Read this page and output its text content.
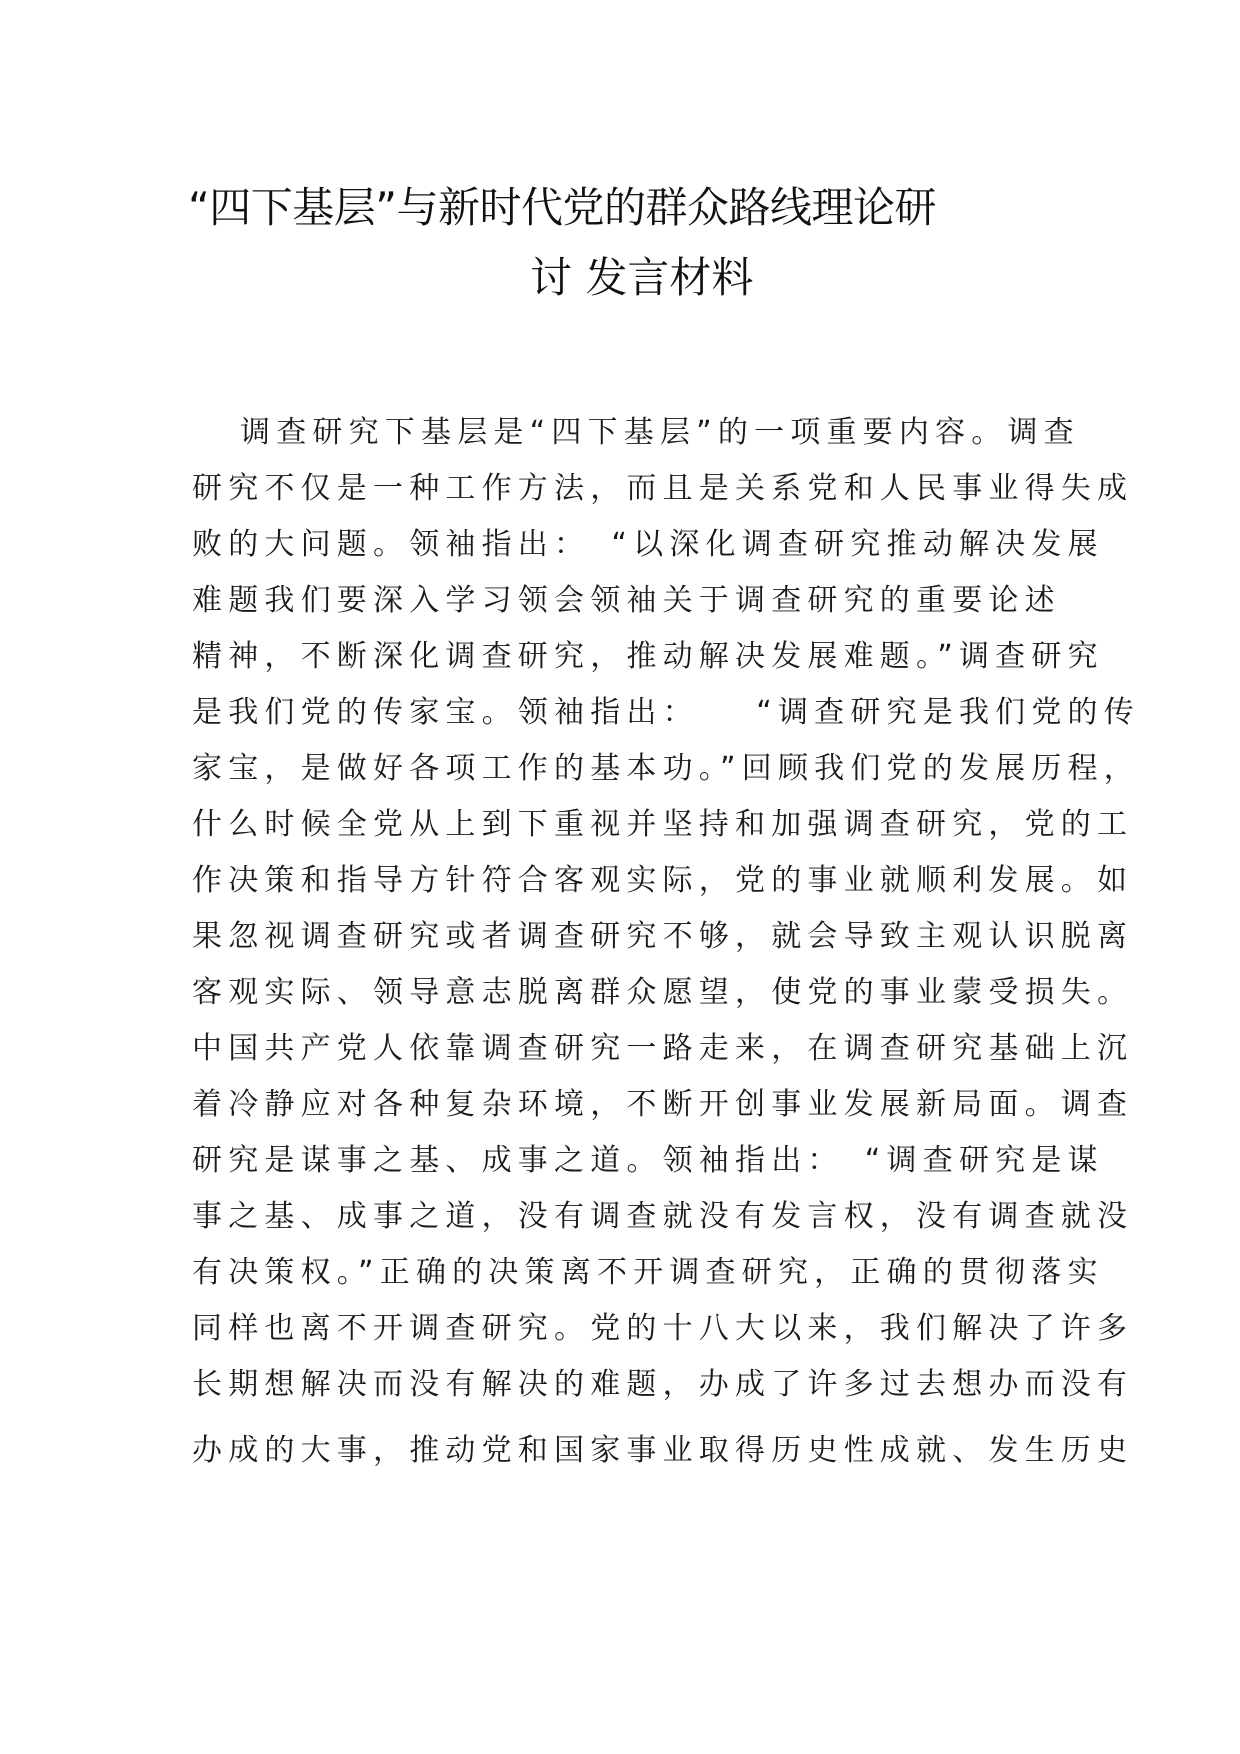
“四下基层”与新时代党的群众路线理论研
讨 发言材料
调查研究下基层是“四下基层”的一项重要内容。调查
研究不仅是一种工作方法，而且是关系党和人民事业得失成
败的大问题。领袖指出：　“以深化调查研究推动解决发展
难题我们要深入学习领会领袖关于调查研究的重要论述
精神，不断深化调查研究，推动解决发展难题。”调查研究
是我们党的传家宝。领袖指出：　　“调查研究是我们党的传
家宝，是做好各项工作的基本功。”回顾我们党的发展历程，
什么时候全党从上到下重视并坚持和加强调查研究，党的工
作决策和指导方针符合客观实际，党的事业就顺利发展。如
果忽视调查研究或者调查研究不够，就会导致主观认识脱离
客观实际、领导意志脱离群众愿望，使党的事业蒙受损失。
中国共产党人依靠调查研究一路走来，在调查研究基础上沉
着冷静应对各种复杂环境，不断开创事业发展新局面。调查
研究是谋事之基、成事之道。领袖指出：　“调查研究是谋
事之基、成事之道，没有调查就没有发言权，没有调查就没
有决策权。”正确的决策离不开调查研究，正确的贯彻落实
同样也离不开调查研究。党的十八大以来，我们解决了许多
长期想解决而没有解决的难题，办成了许多过去想办而没有
办成的大事，推动党和国家事业取得历史性成就、发生历史
